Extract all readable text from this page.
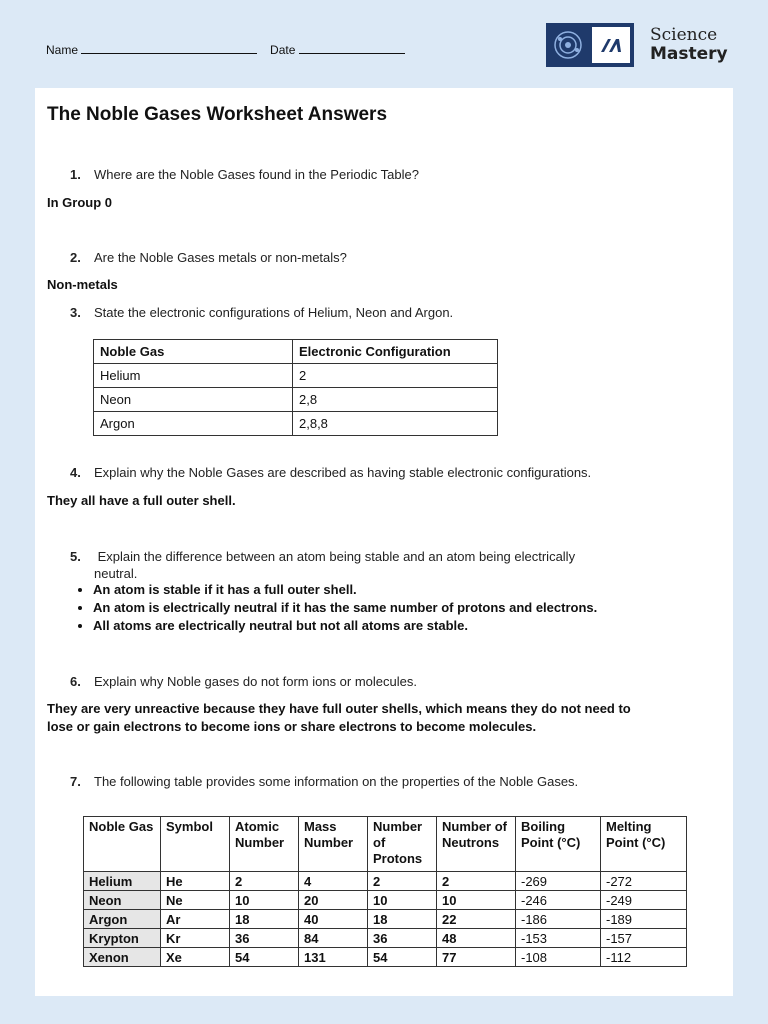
Name	Date
Science
Mastery
The Noble Gases Worksheet Answers
1. Where are the Noble Gases found in the Periodic Table?
In Group 0
2. Are the Noble Gases metals or non-metals?
Non-metals
3. State the electronic configurations of Helium, Neon and Argon.
Noble Gas	Electronic Configuration
Helium	2
Neon	2,8
Argon	2,8,8
4. Explain why the Noble Gases are described as having stable electronic configurations.
They all have a full outer shell.
5. Explain the difference between an atom being stable and an atom being electrically
neutral.
• An atom is stable if it has a full outer shell.
• An atom is electrically neutral if it has the same number of protons and electrons.
• All atoms are electrically neutral but not all atoms are stable.
6. Explain why Noble gases do not form ions or molecules.
They are very unreactive because they have full outer shells, which means they do not need to
lose or gain electrons to become ions or share electrons to become molecules.
7. The following table provides some information on the properties of the Noble Gases.
Noble Gas	Symbol	Atomic Number	Mass Number	Number of Protons	Number of Neutrons	Boiling Point (°C)	Melting Point (°C)
Helium	He	2	4	2	2	-269	-272
Neon	Ne	10	20	10	10	-246	-249
Argon	Ar	18	40	18	22	-186	-189
Krypton	Kr	36	84	36	48	-153	-157
Xenon	Xe	54	131	54	77	-108	-112
